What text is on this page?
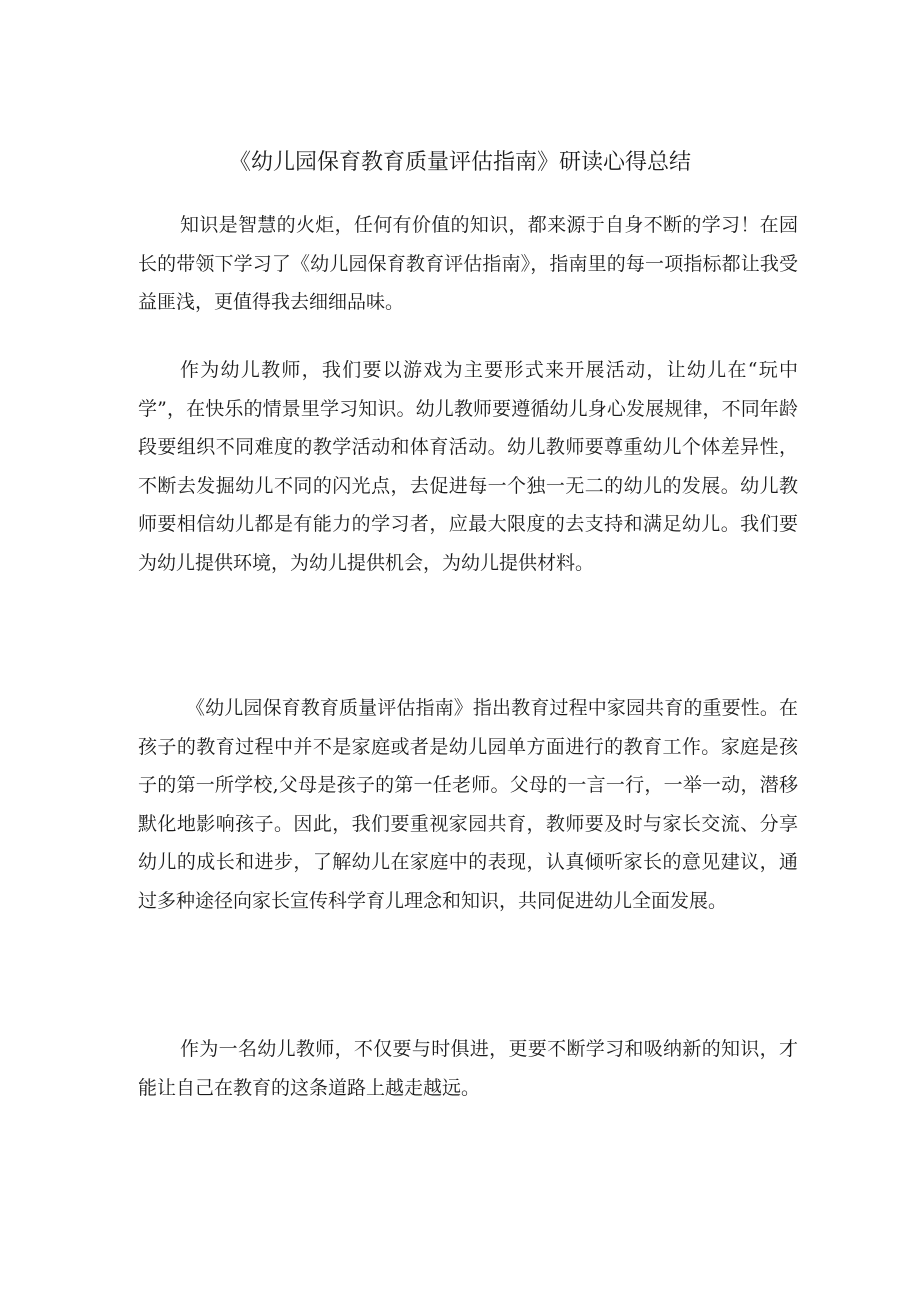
《幼儿园保育教育质量评估指南》研读心得总结

知识是智慧的火炬，任何有价值的知识，都来源于自身不断的学习！在园长的带领下学习了《幼儿园保育教育评估指南》，指南里的每一项指标都让我受益匪浅，更值得我去细细品味。

作为幼儿教师，我们要以游戏为主要形式来开展活动，让幼儿在“玩中学”，在快乐的情景里学习知识。幼儿教师要遵循幼儿身心发展规律，不同年龄段要组织不同难度的教学活动和体育活动。幼儿教师要尊重幼儿个体差异性，不断去发掘幼儿不同的闪光点，去促进每一个独一无二的幼儿的发展。幼儿教师要相信幼儿都是有能力的学习者，应最大限度的去支持和满足幼儿。我们要为幼儿提供环境，为幼儿提供机会，为幼儿提供材料。

《幼儿园保育教育质量评估指南》指出教育过程中家园共育的重要性。在孩子的教育过程中并不是家庭或者是幼儿园单方面进行的教育工作。家庭是孩子的第一所学校,父母是孩子的第一任老师。父母的一言一行，一举一动，潜移默化地影响孩子。因此，我们要重视家园共育，教师要及时与家长交流、分享幼儿的成长和进步，了解幼儿在家庭中的表现，认真倾听家长的意见建议，通过多种途径向家长宣传科学育儿理念和知识，共同促进幼儿全面发展。

作为一名幼儿教师，不仅要与时俱进，更要不断学习和吸纳新的知识，才能让自己在教育的这条道路上越走越远。
